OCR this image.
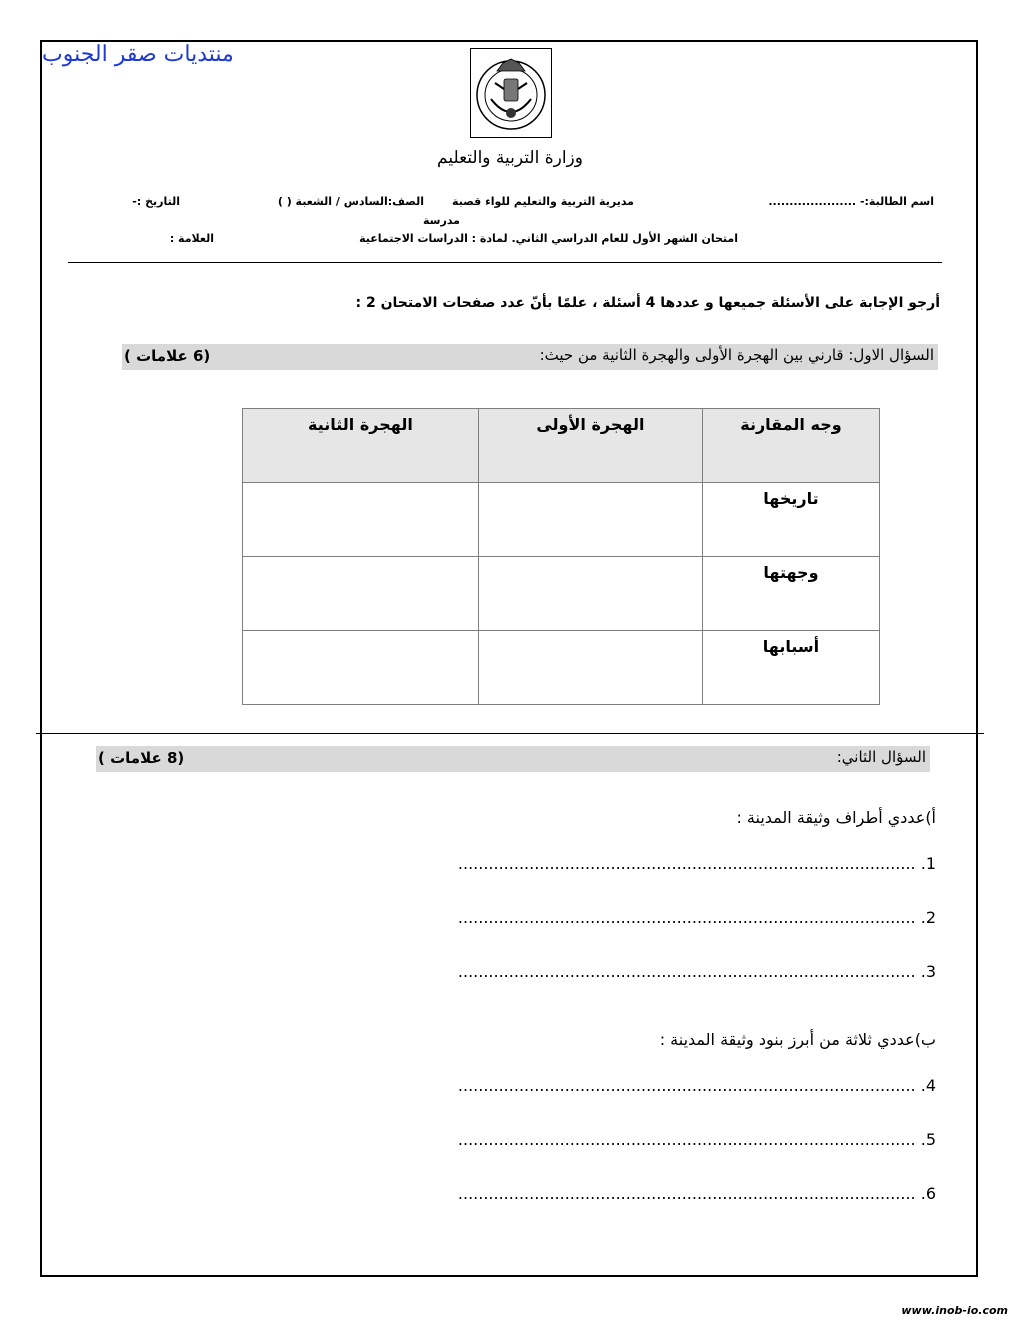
منتديات صقر الجنوب
وزارة التربية والتعليم
اسم الطالبة:- .....................
مديرية التربية والتعليم للواء قصبة
مدرسة
الصف:السادس / الشعبة ( )
التاريخ :-
امتحان الشهر الأول للعام الدراسي الثاني. لمادة : الدراسات الاجتماعية
العلامة :
أرجو الإجابة على الأسئلة جميعها و عددها 4 أسئلة ، علمًا بأنّ عدد صفحات الامتحان 2 :
السؤال الاول: قارني بين الهجرة الأولى والهجرة الثانية من حيث:
(6 علامات )
وجه المقارنة	الهجرة الأولى	الهجرة الثانية
تاريخها		
وجهتها		
أسبابها		
السؤال الثاني:
(8 علامات )
أ)عددي أطراف وثيقة المدينة :
1. ..........................................................................................
2. ..........................................................................................
3. ..........................................................................................
ب)عددي ثلاثة من أبرز بنود وثيقة المدينة :
4. ..........................................................................................
5. ..........................................................................................
6. ..........................................................................................
www.inob-io.com
